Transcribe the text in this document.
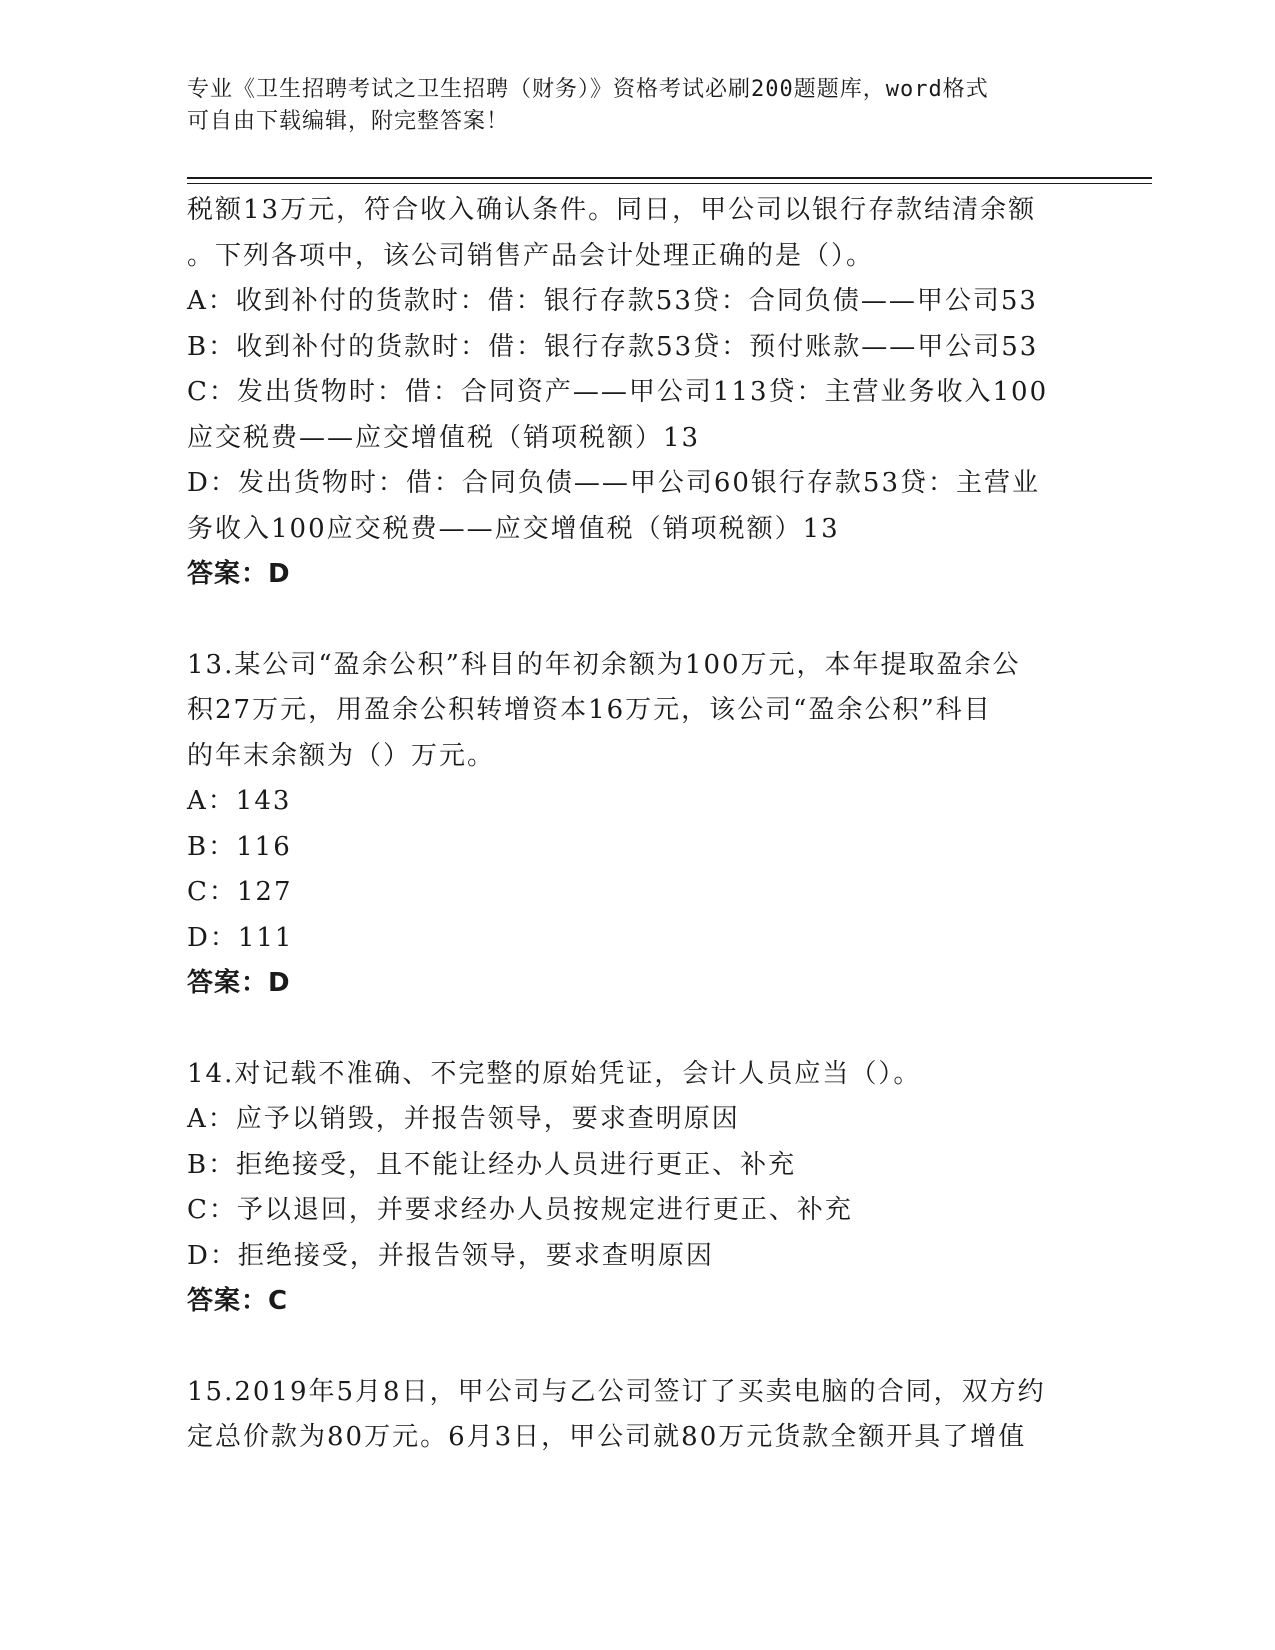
专业《卫生招聘考试之卫生招聘（财务）》资格考试必刷200题题库，word格式
可自由下载编辑，附完整答案！
税额13万元，符合收入确认条件。同日，甲公司以银行存款结清余额
。下列各项中，该公司销售产品会计处理正确的是（）。
A：收到补付的货款时：借：银行存款53贷：合同负债——甲公司53
B：收到补付的货款时：借：银行存款53贷：预付账款——甲公司53
C：发出货物时：借：合同资产——甲公司113贷：主营业务收入100
应交税费——应交增值税（销项税额）13
D：发出货物时：借：合同负债——甲公司60银行存款53贷：主营业
务收入100应交税费——应交增值税（销项税额）13
答案：D
13.某公司“盈余公积”科目的年初余额为100万元，本年提取盈余公
积27万元，用盈余公积转增资本16万元，该公司“盈余公积”科目
的年末余额为（）万元。
A：143
B：116
C：127
D：111
答案：D
14.对记载不准确、不完整的原始凭证，会计人员应当（）。
A：应予以销毁，并报告领导，要求查明原因
B：拒绝接受，且不能让经办人员进行更正、补充
C：予以退回，并要求经办人员按规定进行更正、补充
D：拒绝接受，并报告领导，要求查明原因
答案：C
15.2019年5月8日，甲公司与乙公司签订了买卖电脑的合同，双方约
定总价款为80万元。6月3日，甲公司就80万元货款全额开具了增值
